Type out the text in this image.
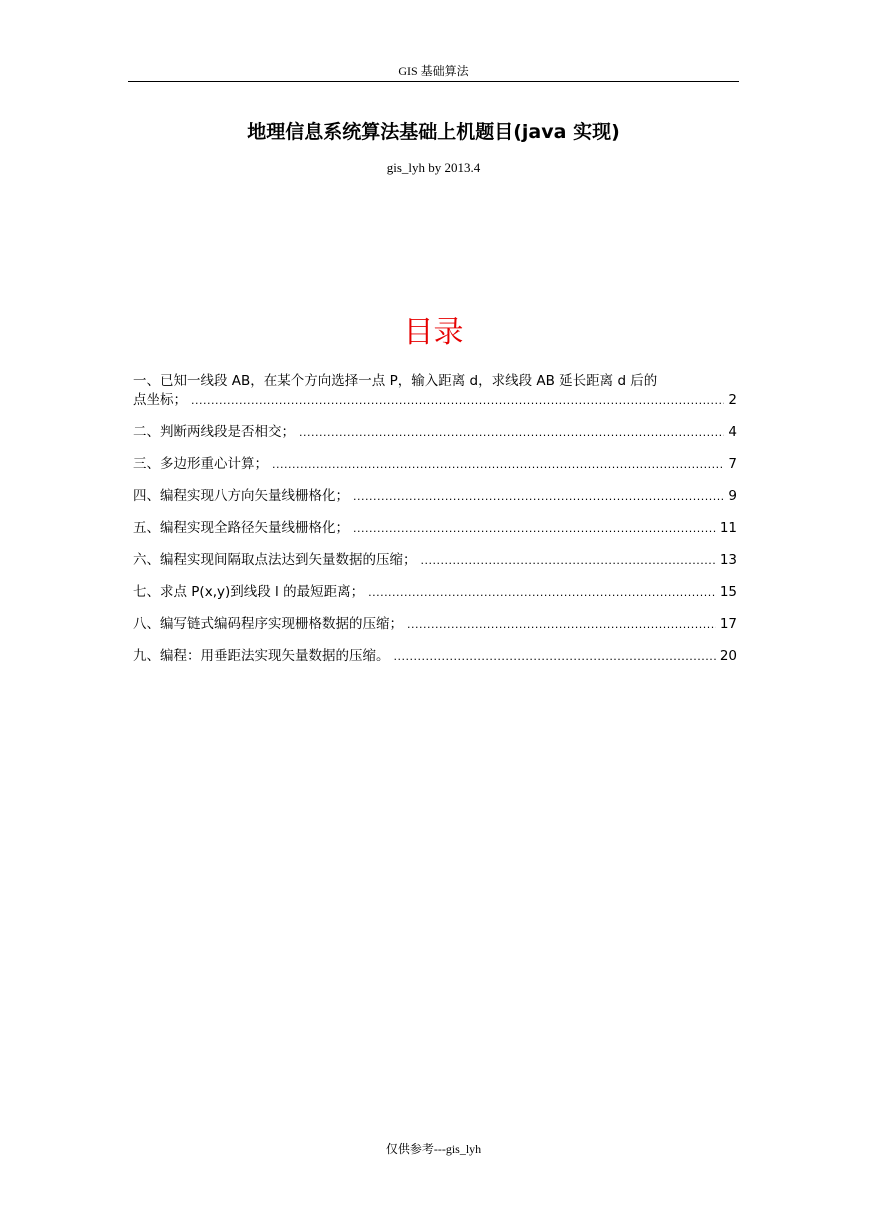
GIS 基础算法
地理信息系统算法基础上机题目(java 实现)
gis_lyh by 2013.4
目录
一、已知一线段 AB，在某个方向选择一点 P，输入距离 d，求线段 AB 延长距离 d 后的
点坐标； .....	2
二、判断两线段是否相交； .....	4
三、多边形重心计算； .....	7
四、编程实现八方向矢量线栅格化； .....	9
五、编程实现全路径矢量线栅格化； .....	11
六、编程实现间隔取点法达到矢量数据的压缩； .....	13
七、求点 P(x,y)到线段 l 的最短距离； .....	15
八、编写链式编码程序实现栅格数据的压缩； .....	17
九、编程：用垂距法实现矢量数据的压缩。 .....	20
仅供参考---gis_lyh
